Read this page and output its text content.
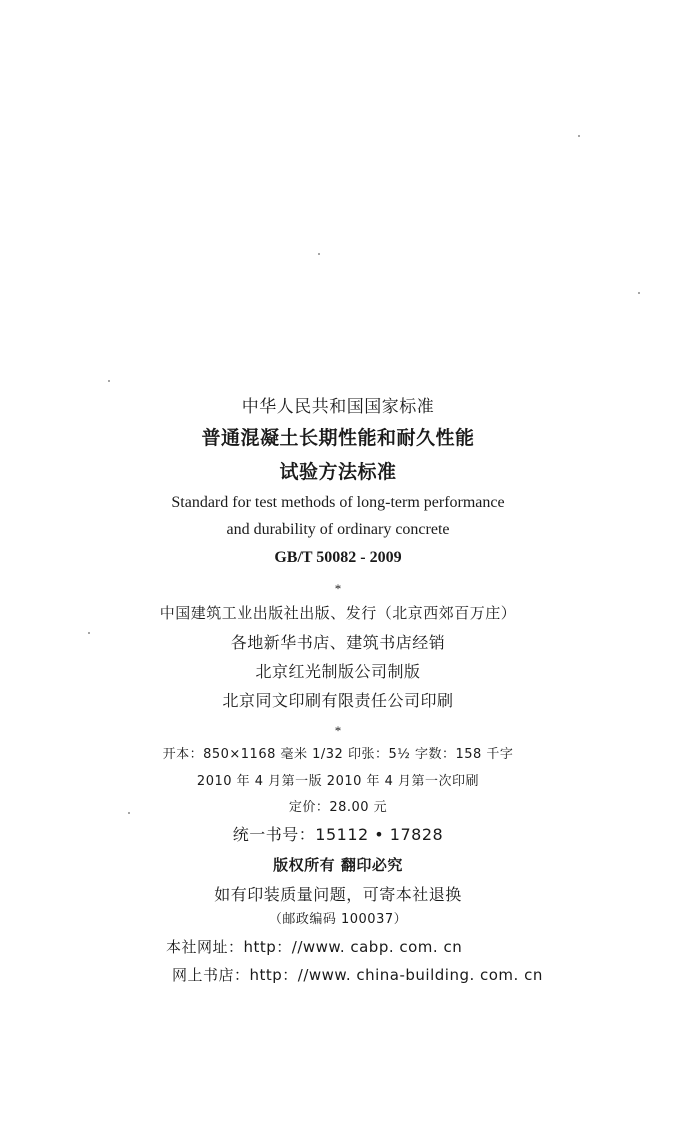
中华人民共和国国家标准
普通混凝土长期性能和耐久性能
试验方法标准
Standard for test methods of long-term performance
and durability of ordinary concrete
GB/T 50082 - 2009
*
中国建筑工业出版社出版、发行（北京西郊百万庄）
各地新华书店、建筑书店经销
北京红光制版公司制版
北京同文印刷有限责任公司印刷
*
开本：850×1168 毫米 1/32 印张：5½ 字数：158 千字
2010 年 4 月第一版 2010 年 4 月第一次印刷
定价：28.00 元
统一书号：15112 • 17828
版权所有 翻印必究
如有印装质量问题，可寄本社退换
（邮政编码 100037）
本社网址：http：//www. cabp. com. cn
网上书店：http：//www. china-building. com. cn
